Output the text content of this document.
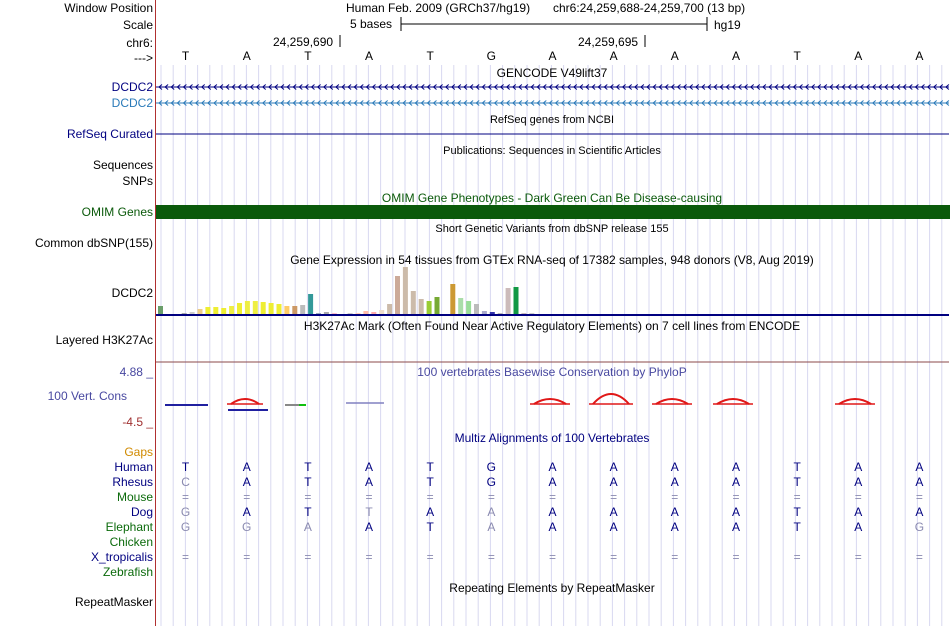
Window Position	Human Feb. 2009 (GRCh37/hg19) chr6:24,259,688-24,259,700 (13 bp)
Scale	5 bases	hg19
chr6:	24,259,690	24,259,695
---> T	A	T	A	T	G	A	A	A	A	T	A	A
GENCODE V49lift37
DCDC2
DCDC2
RefSeq genes from NCBI
RefSeq Curated
Publications: Sequences in Scientific Articles
Sequences
SNPs
OMIM Gene Phenotypes - Dark Green Can Be Disease-causing
OMIM Genes
Short Genetic Variants from dbSNP release 155
Common dbSNP(155)
Gene Expression in 54 tissues from GTEx RNA-seq of 17382 samples, 948 donors (V8, Aug 2019)
DCDC2
H3K27Ac Mark (Often Found Near Active Regulatory Elements) on 7 cell lines from ENCODE
Layered H3K27Ac
100 vertebrates Basewise Conservation by PhyloP
4.88 _
100 Vert. Cons
-4.5 _
Multiz Alignments of 100 Vertebrates
Gaps
Human T	A	T	A	T	G	A	A	A	A	T	A	A
Rhesus C	A	T	A	T	G	A	A	A	A	T	A	A
Mouse =	=	=	=	=	=	=	=	=	=	=	=	=
Dog G	A	T	T	A	A	A	A	A	A	T	A	A
Elephant G	G	A	A	T	A	A	A	A	A	T	A	G
Chicken
X_tropicalis =	=	=	=	=	=	=	=	=	=	=	=	=
Zebrafish
Repeating Elements by RepeatMasker
RepeatMasker
